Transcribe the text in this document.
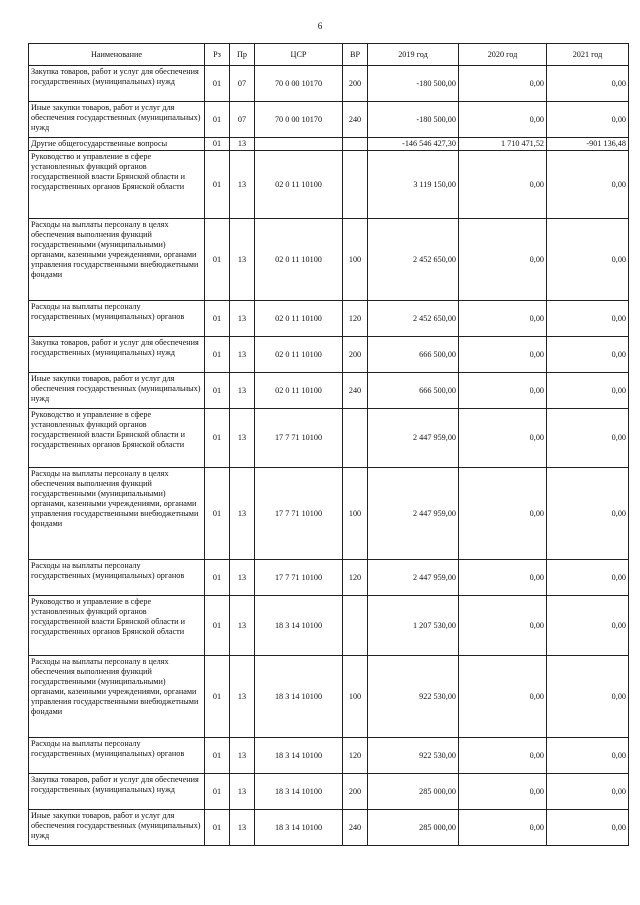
6
Наименование	Рз	Пр	ЦСР	ВР	2019 год	2020 год	2021 год
Закупка товаров, работ и услуг для обеспечения государственных (муниципальных) нужд	01	07	70 0 00 10170	200	-180 500,00	0,00	0,00
Иные закупки товаров, работ и услуг для обеспечения государственных (муниципальных) нужд	01	07	70 0 00 10170	240	-180 500,00	0,00	0,00
Другие общегосударственные вопросы	01	13			-146 546 427,30	1 710 471,52	-901 136,48
Руководство и управление в сфере установленных функций органов государственной власти Брянской области и государственных органов Брянской области	01	13	02 0 11 10100		3 119 150,00	0,00	0,00
Расходы на выплаты персоналу в целях обеспечения выполнения функций государственными (муниципальными) органами, казенными учреждениями, органами управления государственными внебюджетными фондами	01	13	02 0 11 10100	100	2 452 650,00	0,00	0,00
Расходы на выплаты персоналу государственных (муниципальных) органов	01	13	02 0 11 10100	120	2 452 650,00	0,00	0,00
Закупка товаров, работ и услуг для обеспечения государственных (муниципальных) нужд	01	13	02 0 11 10100	200	666 500,00	0,00	0,00
Иные закупки товаров, работ и услуг для обеспечения государственных (муниципальных) нужд	01	13	02 0 11 10100	240	666 500,00	0,00	0,00
Руководство и управление в сфере установленных функций органов государственной власти Брянской области и государственных органов Брянской области	01	13	17 7 71 10100		2 447 959,00	0,00	0,00
Расходы на выплаты персоналу в целях обеспечения выполнения функций государственными (муниципальными) органами, казенными учреждениями, органами управления государственными внебюджетными фондами	01	13	17 7 71 10100	100	2 447 959,00	0,00	0,00
Расходы на выплаты персоналу государственных (муниципальных) органов	01	13	17 7 71 10100	120	2 447 959,00	0,00	0,00
Руководство и управление в сфере установленных функций органов государственной власти Брянской области и государственных органов Брянской области	01	13	18 3 14 10100		1 207 530,00	0,00	0,00
Расходы на выплаты персоналу в целях обеспечения выполнения функций государственными (муниципальными) органами, казенными учреждениями, органами управления государственными внебюджетными фондами	01	13	18 3 14 10100	100	922 530,00	0,00	0,00
Расходы на выплаты персоналу государственных (муниципальных) органов	01	13	18 3 14 10100	120	922 530,00	0,00	0,00
Закупка товаров, работ и услуг для обеспечения государственных (муниципальных) нужд	01	13	18 3 14 10100	200	285 000,00	0,00	0,00
Иные закупки товаров, работ и услуг для обеспечения государственных (муниципальных) нужд	01	13	18 3 14 10100	240	285 000,00	0,00	0,00
